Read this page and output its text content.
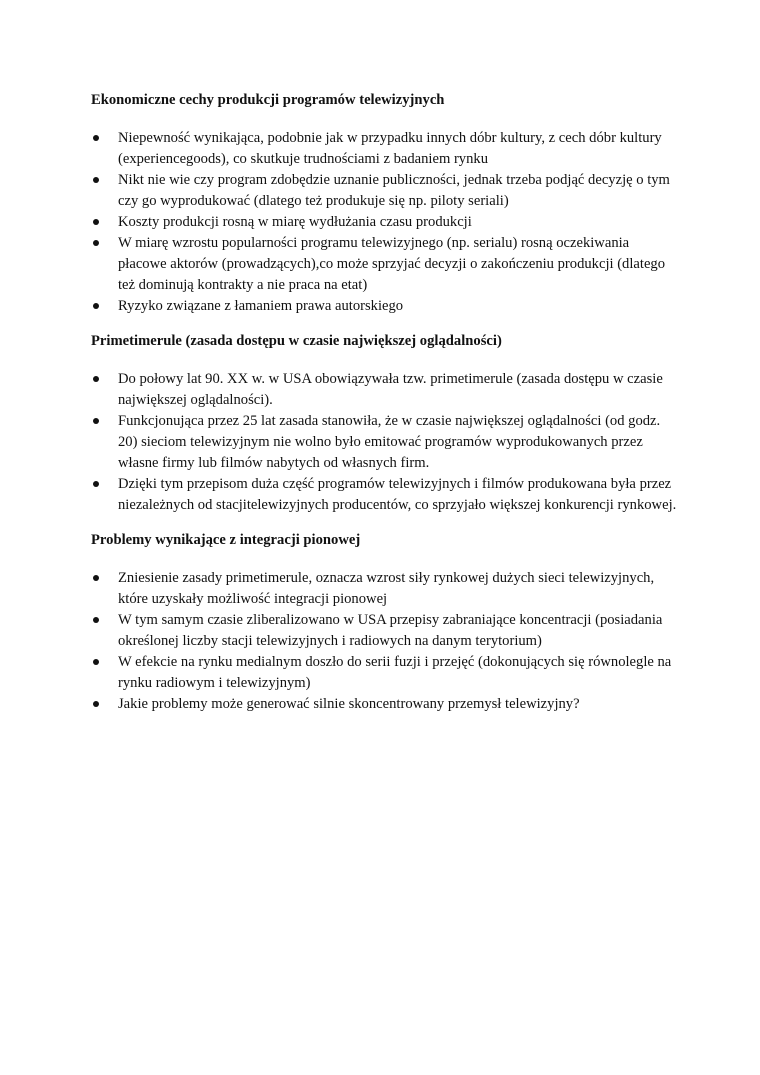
Ekonomiczne cechy produkcji programów telewizyjnych
Niepewność wynikająca, podobnie jak w przypadku innych dóbr kultury, z cech dóbr kultury (experiencegoods), co skutkuje trudnościami z badaniem rynku
Nikt nie wie czy program zdobędzie uznanie publiczności, jednak trzeba podjąć decyzję o tym czy go wyprodukować (dlatego też produkuje się np. piloty seriali)
Koszty produkcji rosną w miarę wydłużania czasu produkcji
W miarę wzrostu popularności programu telewizyjnego (np. serialu) rosną oczekiwania płacowe aktorów (prowadzących),co może sprzyjać decyzji o zakończeniu produkcji (dlatego też dominują kontrakty a nie praca na etat)
Ryzyko związane z łamaniem prawa autorskiego
Primetimerule (zasada dostępu w czasie największej oglądalności)
Do połowy lat 90. XX w. w USA obowiązywała tzw. primetimerule (zasada dostępu w czasie największej oglądalności).
Funkcjonująca przez 25 lat zasada stanowiła, że w czasie największej oglądalności (od godz. 20) sieciom telewizyjnym nie wolno było emitować programów wyprodukowanych przez własne firmy lub filmów nabytych od własnych firm.
Dzięki tym przepisom duża część programów telewizyjnych i filmów produkowana była przez niezależnych od stacjitelewizyjnych producentów, co sprzyjało większej konkurencji rynkowej.
Problemy wynikające z integracji pionowej
Zniesienie zasady primetimerule, oznacza wzrost siły rynkowej dużych sieci telewizyjnych, które uzyskały możliwość integracji pionowej
W tym samym czasie zliberalizowano w USA przepisy zabraniające koncentracji (posiadania określonej liczby stacji telewizyjnych i radiowych na danym terytorium)
W efekcie na rynku medialnym doszło do serii fuzji i przejęć (dokonujących się równolegle na rynku radiowym i telewizyjnym)
Jakie problemy może generować silnie skoncentrowany przemysł telewizyjny?
